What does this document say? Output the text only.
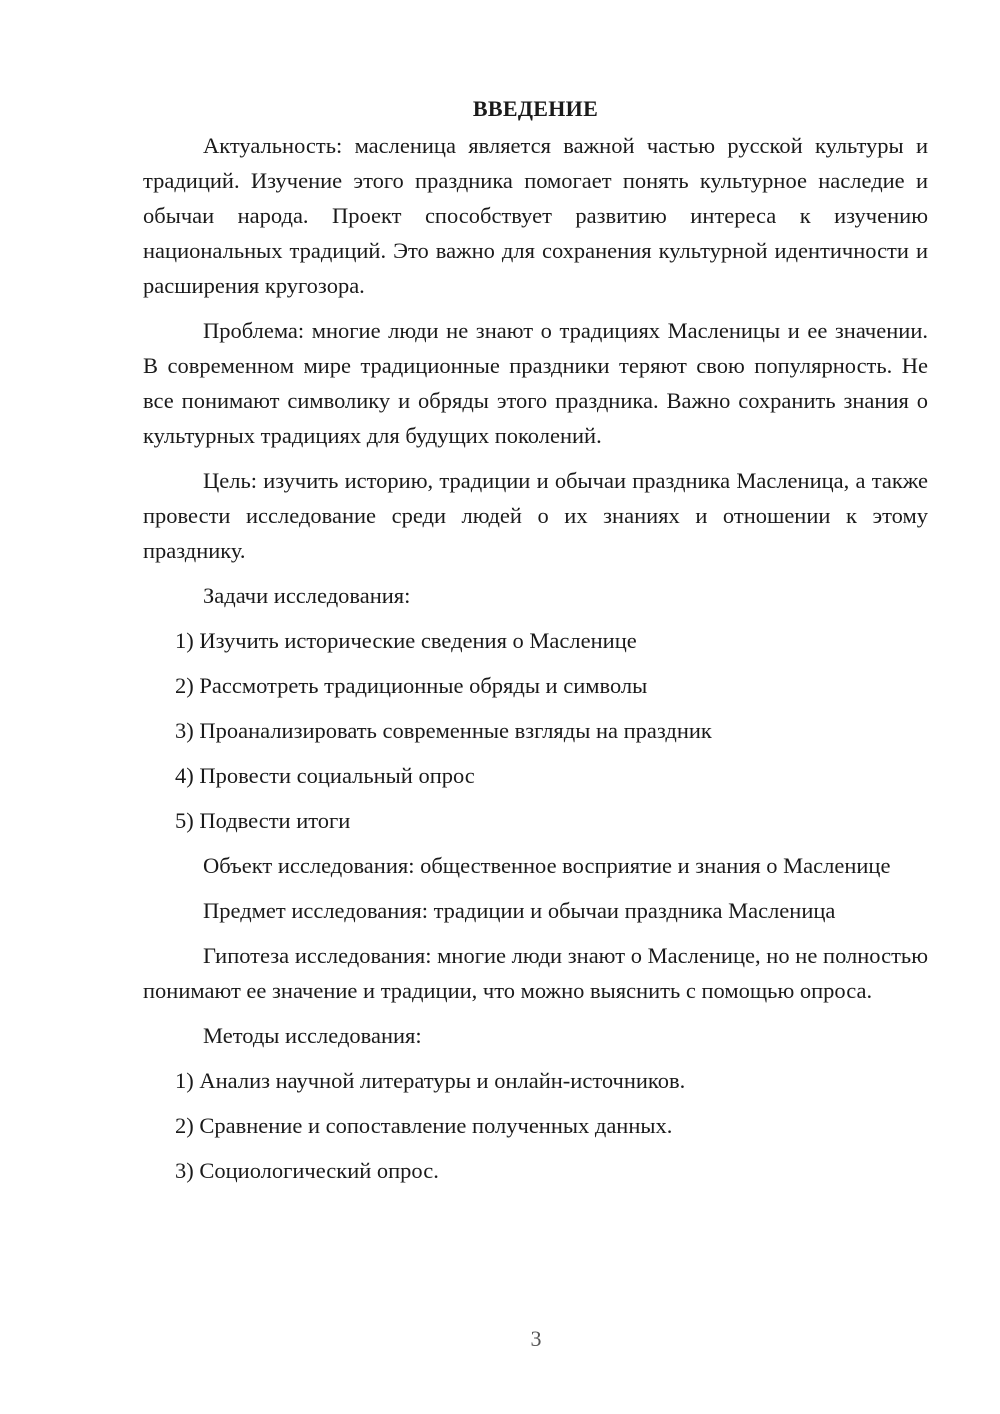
ВВЕДЕНИЕ

Актуальность: масленица является важной частью русской культуры и традиций. Изучение этого праздника помогает понять культурное наследие и обычаи народа. Проект способствует развитию интереса к изучению национальных традиций. Это важно для сохранения культурной идентичности и расширения кругозора.

Проблема: многие люди не знают о традициях Масленицы и ее значении. В современном мире традиционные праздники теряют свою популярность. Не все понимают символику и обряды этого праздника. Важно сохранить знания о культурных традициях для будущих поколений.

Цель: изучить историю, традиции и обычаи праздника Масленица, а также провести исследование среди людей о их знаниях и отношении к этому празднику.

Задачи исследования:
1) Изучить исторические сведения о Масленице
2) Рассмотреть традиционные обряды и символы
3) Проанализировать современные взгляды на праздник
4) Провести социальный опрос
5) Подвести итоги

Объект исследования: общественное восприятие и знания о Масленице

Предмет исследования: традиции и обычаи праздника Масленица

Гипотеза исследования: многие люди знают о Масленице, но не полностью понимают ее значение и традиции, что можно выяснить с помощью опроса.

Методы исследования:
1) Анализ научной литературы и онлайн-источников.
2) Сравнение и сопоставление полученных данных.
3) Социологический опрос.
3
